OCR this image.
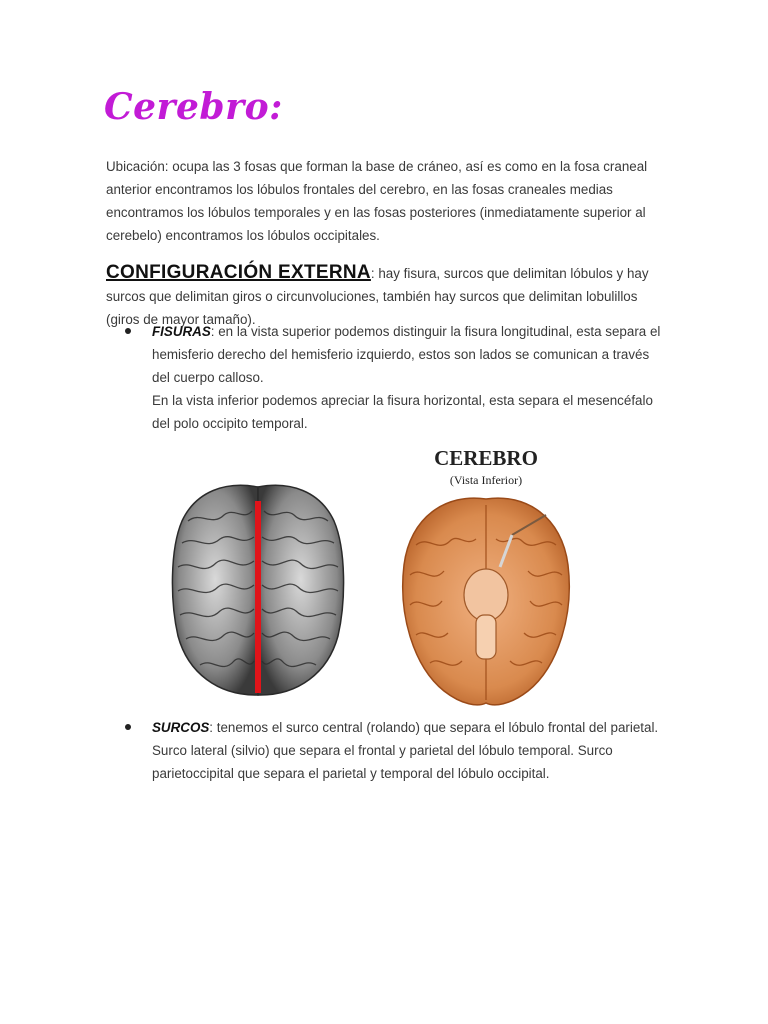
Cerebro:

Ubicación: ocupa las 3 fosas que forman la base de cráneo, así es como en la fosa craneal anterior encontramos los lóbulos frontales del cerebro, en las fosas craneales medias encontramos los lóbulos temporales y en las fosas posteriores (inmediatamente superior al cerebelo) encontramos los lóbulos occipitales.

CONFIGURACIÓN EXTERNA: hay fisura, surcos que delimitan lóbulos y hay surcos que delimitan giros o circunvoluciones, también hay surcos que delimitan lobulillos (giros de mayor tamaño).

FISURAS: en la vista superior podemos distinguir la fisura longitudinal, esta separa el hemisferio derecho del hemisferio izquierdo, estos son lados se comunican a través del cuerpo calloso.
En la vista inferior podemos apreciar la fisura horizontal, esta separa el mesencéfalo del polo occipito temporal.

CEREBRO

(Vista Inferior)

SURCOS: tenemos el surco central (rolando) que separa el lóbulo frontal del parietal. Surco lateral (silvio) que separa el frontal y parietal del lóbulo temporal. Surco parietoccipital que separa el parietal y temporal del lóbulo occipital.
